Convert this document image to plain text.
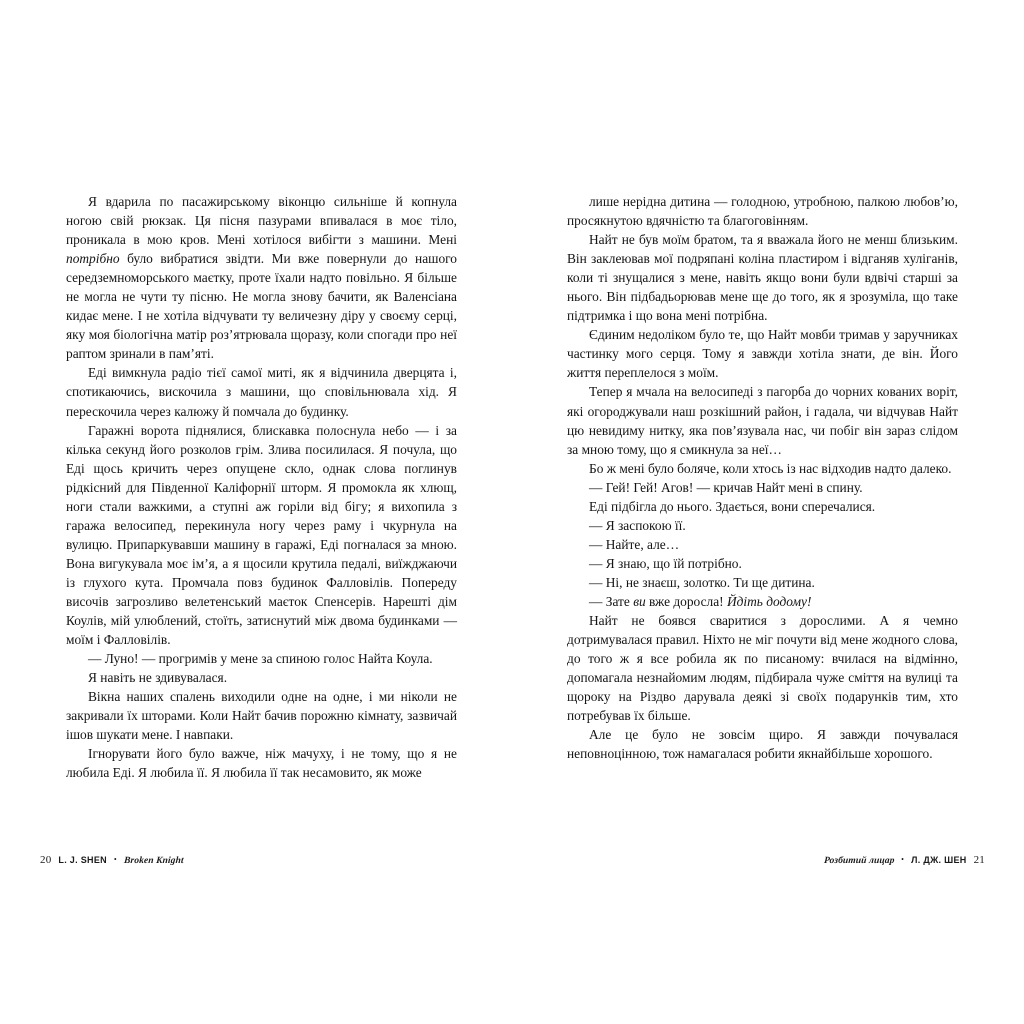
Я вдарила по пасажирському віконцю сильніше й копнула ногою свій рюкзак. Ця пісня пазурами впивалася в моє тіло, проникала в мою кров. Мені хотілося вибігти з машини. Мені потрібно було вибратися звідти. Ми вже повернули до нашого середземноморського маєтку, проте їхали надто повільно. Я більше не могла не чути ту пісню. Не могла знову бачити, як Валенсіана кидає мене. І не хотіла відчувати ту величезну діру у своєму серці, яку моя біологічна матір роз’ятрювала щоразу, коли спогади про неї раптом зринали в пам’яті.

Еді вимкнула радіо тієї самої миті, як я відчинила дверцята і, спотикаючись, вискочила з машини, що сповільнювала хід. Я перескочила через калюжу й помчала до будинку.

Гаражні ворота піднялися, блискавка полоснула небо — і за кілька секунд його розколов грім. Злива посилилася. Я почула, що Еді щось кричить через опущене скло, однак слова поглинув рідкісний для Південної Каліфорнії шторм. Я промокла як хлющ, ноги стали важкими, а ступні аж горіли від бігу; я вихопила з гаража велосипед, перекинула ногу через раму і чкурнула на вулицю. Припаркувавши машину в гаражі, Еді погналася за мною. Вона вигукувала моє ім’я, а я щосили крутила педалі, виїжджаючи із глухого кута. Промчала повз будинок Фалловілів. Попереду височів загрозливо велетенський маєток Спенсерів. Нарешті дім Коулів, мій улюблений, стоїть, затиснутий між двома будинками — моїм і Фалловілів.

— Луно! — прогримів у мене за спиною голос Найта Коула.

Я навіть не здивувалася.

Вікна наших спалень виходили одне на одне, і ми ніколи не закривали їх шторами. Коли Найт бачив порожню кімнату, зазвичай ішов шукати мене. І навпаки.

Ігнорувати його було важче, ніж мачуху, і не тому, що я не любила Еді. Я любила її. Я любила її так несамовито, як може

20 L. J. SHEN • Broken Knight

лише нерідна дитина — голодною, утробною, палкою любов’ю, просякнутою вдячністю та благоговінням.

Найт не був моїм братом, та я вважала його не менш близьким. Він заклеював мої подряпані коліна пластиром і відганяв хуліганів, коли ті знущалися з мене, навіть якщо вони були вдвічі старші за нього. Він підбадьорював мене ще до того, як я зрозуміла, що таке підтримка і що вона мені потрібна.

Єдиним недоліком було те, що Найт мовби тримав у заручниках частинку мого серця. Тому я завжди хотіла знати, де він. Його життя переплелося з моїм.

Тепер я мчала на велосипеді з пагорба до чорних кованих воріт, які огороджували наш розкішний район, і гадала, чи відчував Найт цю невидиму нитку, яка пов’язувала нас, чи побіг він зараз слідом за мною тому, що я смикнула за неї…

Бо ж мені було боляче, коли хтось із нас відходив надто далеко.

— Гей! Гей! Агов! — кричав Найт мені в спину.

Еді підбігла до нього. Здається, вони сперечалися.

— Я заспокою її.

— Найте, але…

— Я знаю, що їй потрібно.

— Ні, не знаєш, золотко. Ти ще дитина.

— Зате ви вже доросла! Йдіть додому!

Найт не боявся сваритися з дорослими. А я чемно дотримувалася правил. Ніхто не міг почути від мене жодного слова, до того ж я все робила як по писаному: вчилася на відмінно, допомагала незнайомим людям, підбирала чуже сміття на вулиці та щороку на Різдво дарувала деякі зі своїх подарунків тим, хто потребував їх більше.

Але це було не зовсім щиро. Я завжди почувалася неповноцінною, тож намагалася робити якнайбільше хорошого.

Розбитий лицар • Л. ДЖ. ШЕН 21
